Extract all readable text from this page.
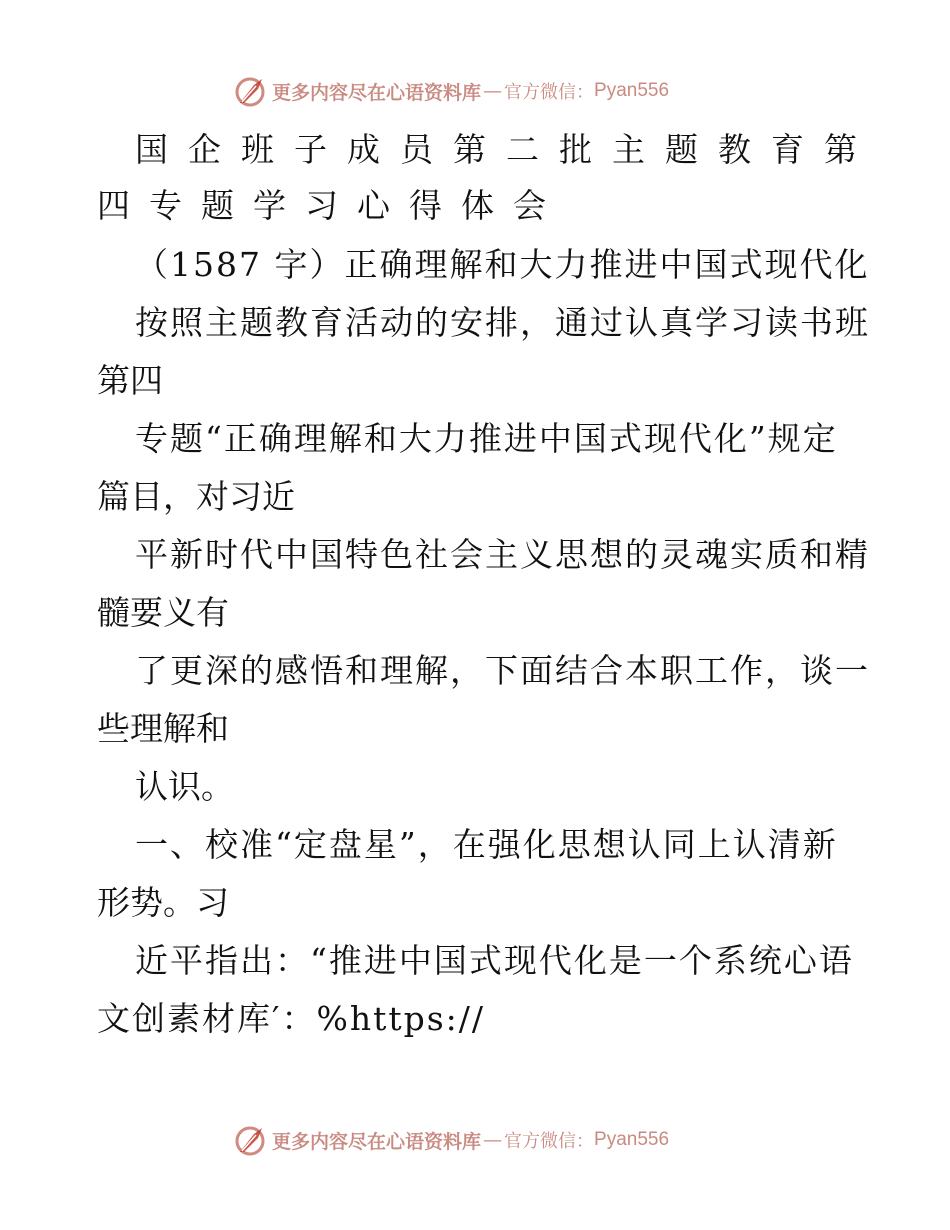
更多内容尽在心语资料库 — 官方微信： Pyan556
国企班子成员第二批主题教育第
四专题学习心得体会

（1587 字）正确理解和大力推进中国式现代化

按照主题教育活动的安排，通过认真学习读书班

第四

专题“正确理解和大力推进中国式现代化”规定

篇目，对习近

平新时代中国特色社会主义思想的灵魂实质和精

髓要义有

了更深的感悟和理解，下面结合本职工作，谈一

些理解和

认识。

一、校准“定盘星”，在强化思想认同上认清新

形势。习

近平指出：“推进中国式现代化是一个系统心语

文创素材库′：%https://

更多内容尽在心语资料库 — 官方微信： Pyan556
